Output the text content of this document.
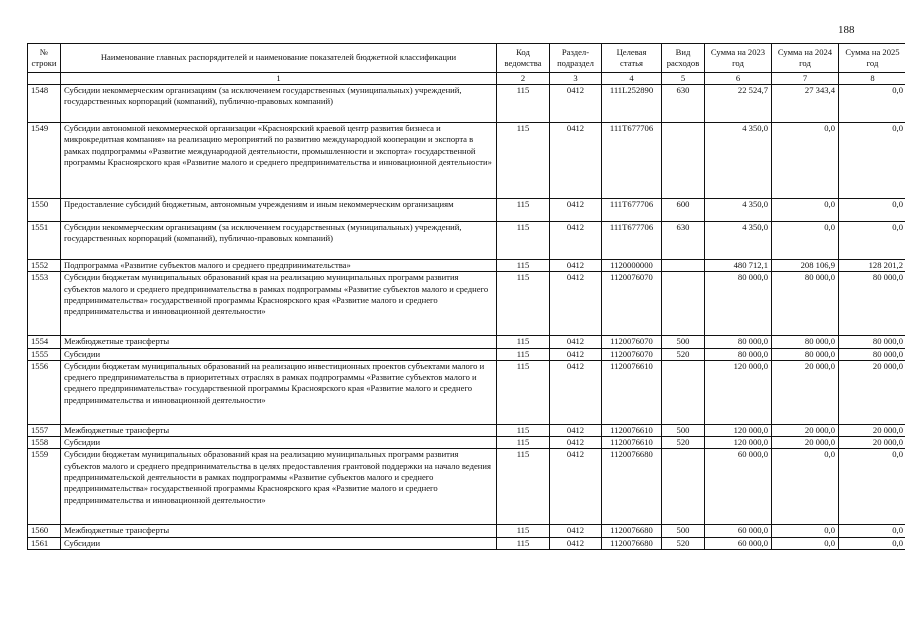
188
№ строки	Наименование главных распорядителей и наименование показателей бюджетной классификации	Код ведомства	Раздел-подраздел	Целевая статья	Вид расходов	Сумма на 2023 год	Сумма на 2024 год	Сумма на 2025 год
	1	2	3	4	5	6	7	8
1548	Субсидии некоммерческим организациям (за исключением государственных (муниципальных) учреждений, государственных корпораций (компаний), публично-правовых компаний)	115	0412	111L252890	630	22 524,7	27 343,4	0,0
1549	Субсидии автономной некоммерческой организации «Красноярский краевой центр развития бизнеса и микрокредитная компания» на реализацию мероприятий по развитию международной кооперации и экспорта в рамках подпрограммы «Развитие международной деятельности, промышленности и экспорта» государственной программы Красноярского края «Развитие малого и среднего предпринимательства и инновационной деятельности»	115	0412	111Т677706		4 350,0	0,0	0,0
1550	Предоставление субсидий бюджетным, автономным учреждениям и иным некоммерческим организациям	115	0412	111Т677706	600	4 350,0	0,0	0,0
1551	Субсидии некоммерческим организациям (за исключением государственных (муниципальных) учреждений, государственных корпораций (компаний), публично-правовых компаний)	115	0412	111Т677706	630	4 350,0	0,0	0,0
1552	Подпрограмма «Развитие субъектов малого и среднего предпринимательства»	115	0412	1120000000		480 712,1	208 106,9	128 201,2
1553	Субсидии бюджетам муниципальных образований края на реализацию муниципальных программ развития субъектов малого и среднего предпринимательства в рамках подпрограммы «Развитие субъектов малого и среднего предпринимательства» государственной программы Красноярского края «Развитие малого и среднего предпринимательства и инновационной деятельности»	115	0412	1120076070		80 000,0	80 000,0	80 000,0
1554	Межбюджетные трансферты	115	0412	1120076070	500	80 000,0	80 000,0	80 000,0
1555	Субсидии	115	0412	1120076070	520	80 000,0	80 000,0	80 000,0
1556	Субсидии бюджетам муниципальных образований на реализацию инвестиционных проектов субъектами малого и среднего предпринимательства в приоритетных отраслях в рамках подпрограммы «Развитие субъектов малого и среднего предпринимательства» государственной программы Красноярского края «Развитие малого и среднего предпринимательства и инновационной деятельности»	115	0412	1120076610		120 000,0	20 000,0	20 000,0
1557	Межбюджетные трансферты	115	0412	1120076610	500	120 000,0	20 000,0	20 000,0
1558	Субсидии	115	0412	1120076610	520	120 000,0	20 000,0	20 000,0
1559	Субсидии бюджетам муниципальных образований края на реализацию муниципальных программ развития субъектов малого и среднего предпринимательства в целях предоставления грантовой поддержки на начало ведения предпринимательской деятельности в рамках подпрограммы «Развитие субъектов малого и среднего предпринимательства» государственной программы Красноярского края «Развитие малого и среднего предпринимательства и инновационной деятельности»	115	0412	1120076680		60 000,0	0,0	0,0
1560	Межбюджетные трансферты	115	0412	1120076680	500	60 000,0	0,0	0,0
1561	Субсидии	115	0412	1120076680	520	60 000,0	0,0	0,0
